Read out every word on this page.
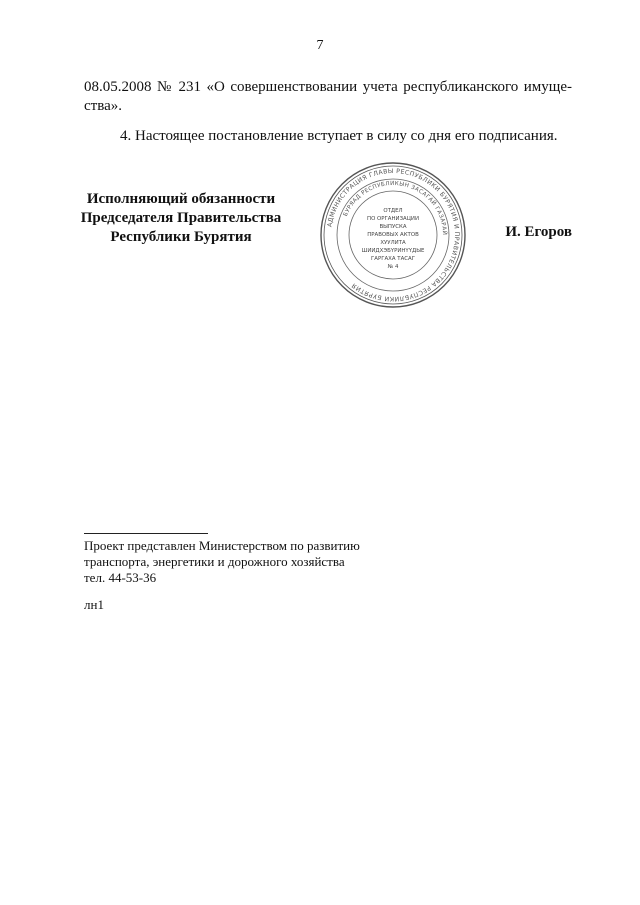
7

08.05.2008 № 231 «О совершенствовании учета республиканского имуще-
ства».

4. Настоящее постановление вступает в силу со дня его подписания.

Исполняющий обязанности
Председателя Правительства
Республики Бурятия
АДМИНИСТРАЦИЯ ГЛАВЫ РЕСПУБЛИКИ БУРЯТИЯ И ПРАВИТЕЛЬСТВА РЕСПУБЛИКИ БУРЯТИЯ
БУРЯАД РЕСПУБЛИКЫН ЗАСАГАЙ ГАЗАРАЙ
ОТДЕЛ
ПО ОРГАНИЗАЦИИ
ВЫПУСКА
ПРАВОВЫХ АКТОВ
ХУУЛИТА
ШИИДХЭБҮРИНҮҮДЫЕ
ГАРГАХА ТАСАГ
№ 4
И. Егоров
Проект представлен Министерством по развитию
транспорта, энергетики и дорожного хозяйства
тел. 44-53-36
лн1
